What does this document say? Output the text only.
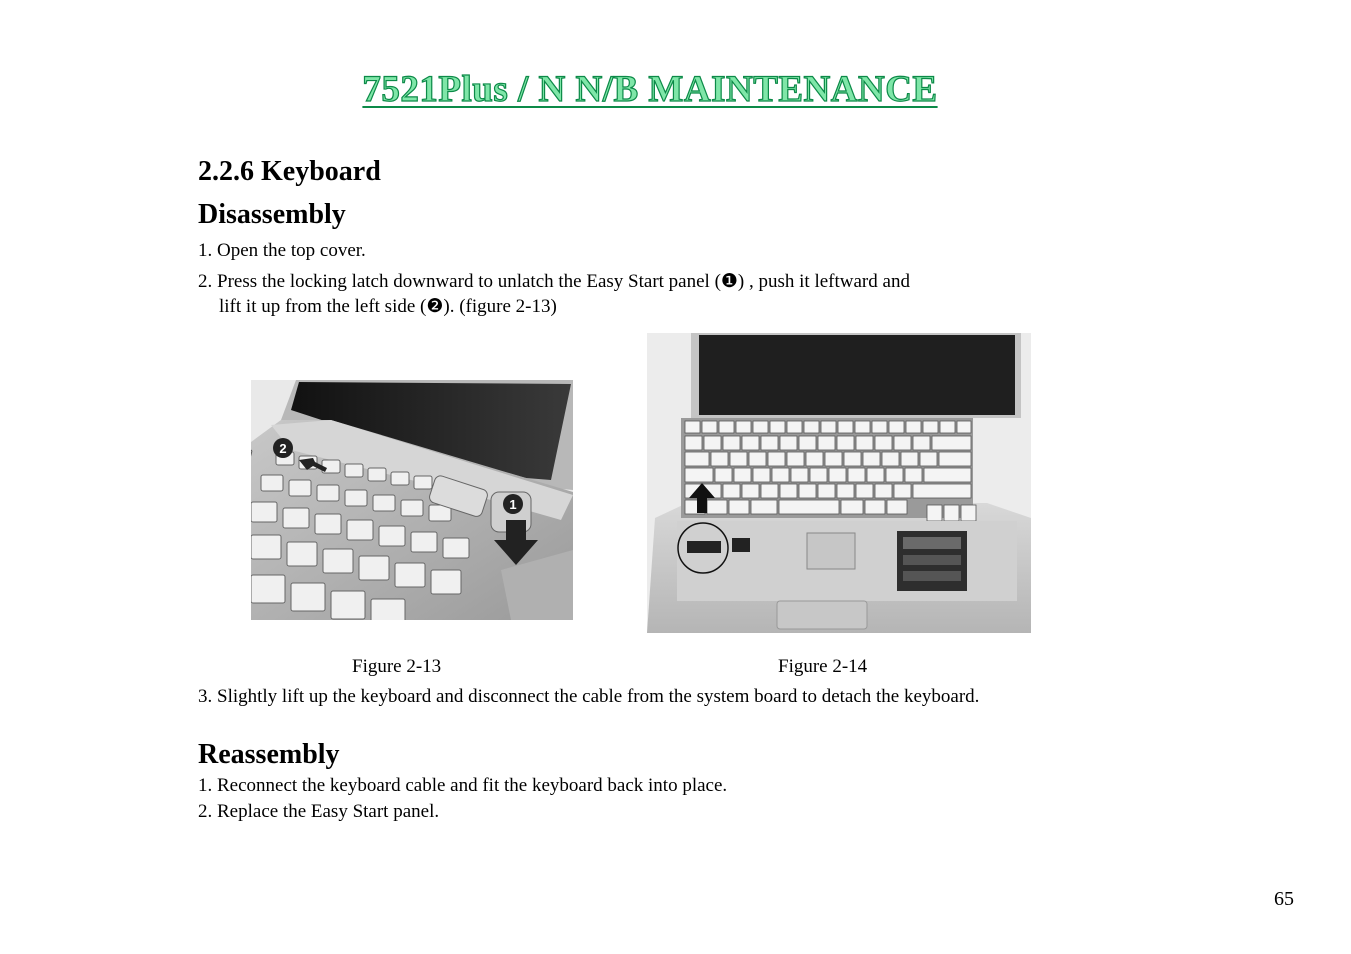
7521Plus / N N/B MAINTENANCE
2.2.6 Keyboard
Disassembly
1. Open the top cover.
2. Press the locking latch downward to unlatch the Easy Start panel (❶) , push it leftward and
lift it up from the left side (❷). (figure 2-13)
2
1
Figure 2-13	Figure 2-14
3. Slightly lift up the keyboard and disconnect the cable from the system board to detach the keyboard.
Reassembly
1. Reconnect the keyboard cable and fit the keyboard back into place.
2. Replace the Easy Start panel.
65
